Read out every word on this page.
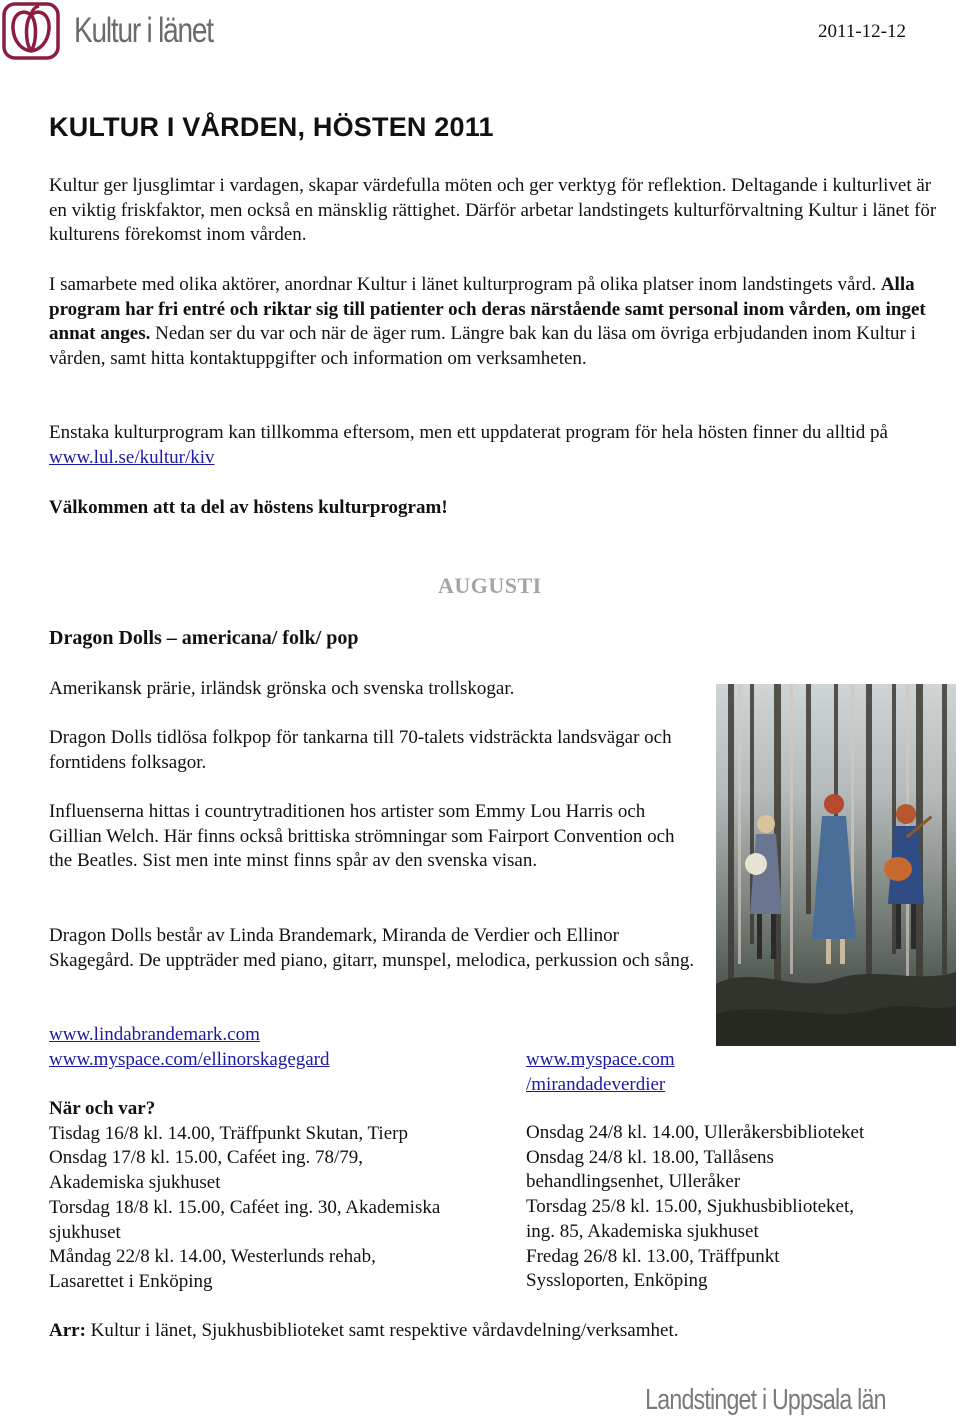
Kultur i länet	2011-12-12
KULTUR I VÅRDEN, HÖSTEN 2011

Kultur ger ljusglimtar i vardagen, skapar värdefulla möten och ger verktyg för reflektion. Deltagande i kulturlivet är en viktig friskfaktor, men också en mänsklig rättighet. Därför arbetar landstingets kulturförvaltning Kultur i länet för kulturens förekomst inom vården.

I samarbete med olika aktörer, anordnar Kultur i länet kulturprogram på olika platser inom landstingets vård. Alla program har fri entré och riktar sig till patienter och deras närstående samt personal inom vården, om inget annat anges. Nedan ser du var och när de äger rum. Längre bak kan du läsa om övriga erbjudanden inom Kultur i vården, samt hitta kontaktuppgifter och information om verksamheten.

Enstaka kulturprogram kan tillkomma eftersom, men ett uppdaterat program för hela hösten finner du alltid på www.lul.se/kultur/kiv

Välkommen att ta del av höstens kulturprogram!

AUGUSTI
Dragon Dolls – americana/ folk/ pop

Amerikansk prärie, irländsk grönska och svenska trollskogar.

Dragon Dolls tidlösa folkpop för tankarna till 70-talets vidsträckta landsvägar och forntidens folksagor.

Influenserna hittas i countrytraditionen hos artister som Emmy Lou Harris och Gillian Welch. Här finns också brittiska strömningar som Fairport Convention och the Beatles. Sist men inte minst finns spår av den svenska visan.

Dragon Dolls består av Linda Brandemark, Miranda de Verdier och Ellinor Skagegård. De uppträder med piano, gitarr, munspel, melodica, perkussion och sång.

www.lindabrandemark.com
www.myspace.com/ellinorskagegard	www.myspace.com
/mirandadeverdier
När och var?
Tisdag 16/8 kl. 14.00, Träffpunkt Skutan, Tierp
Onsdag 17/8 kl. 15.00, Caféet ing. 78/79,
Akademiska sjukhuset
Torsdag 18/8 kl. 15.00, Caféet ing. 30, Akademiska
sjukhuset
Måndag 22/8 kl. 14.00, Westerlunds rehab,
Lasarettet i Enköping
Onsdag 24/8 kl. 14.00, Ulleråkersbiblioteket
Onsdag 24/8 kl. 18.00, Tallåsens
behandlingsenhet, Ulleråker
Torsdag 25/8 kl. 15.00, Sjukhusbiblioteket,
ing. 85, Akademiska sjukhuset
Fredag 26/8 kl. 13.00, Träffpunkt
Syssloporten, Enköping

Arr: Kultur i länet, Sjukhusbiblioteket samt respektive vårdavdelning/verksamhet.

Landstinget i Uppsala län
